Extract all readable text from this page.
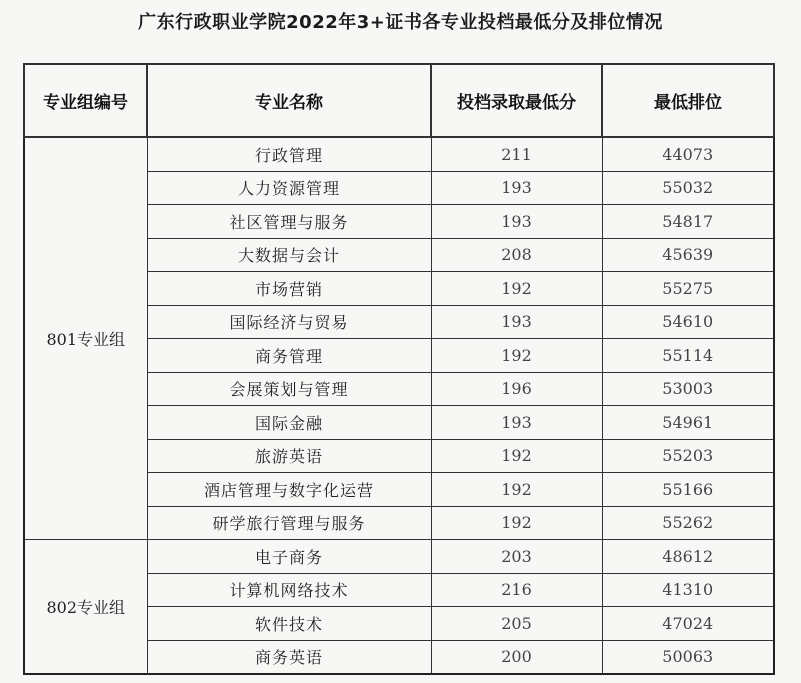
广东行政职业学院2022年3+证书各专业投档最低分及排位情况
专业组编号	专业名称	投档录取最低分	最低排位
801专业组	行政管理	211	44073
	人力资源管理	193	55032
	社区管理与服务	193	54817
	大数据与会计	208	45639
	市场营销	192	55275
	国际经济与贸易	193	54610
	商务管理	192	55114
	会展策划与管理	196	53003
	国际金融	193	54961
	旅游英语	192	55203
	酒店管理与数字化运营	192	55166
	研学旅行管理与服务	192	55262
802专业组	电子商务	203	48612
	计算机网络技术	216	41310
	软件技术	205	47024
	商务英语	200	50063
